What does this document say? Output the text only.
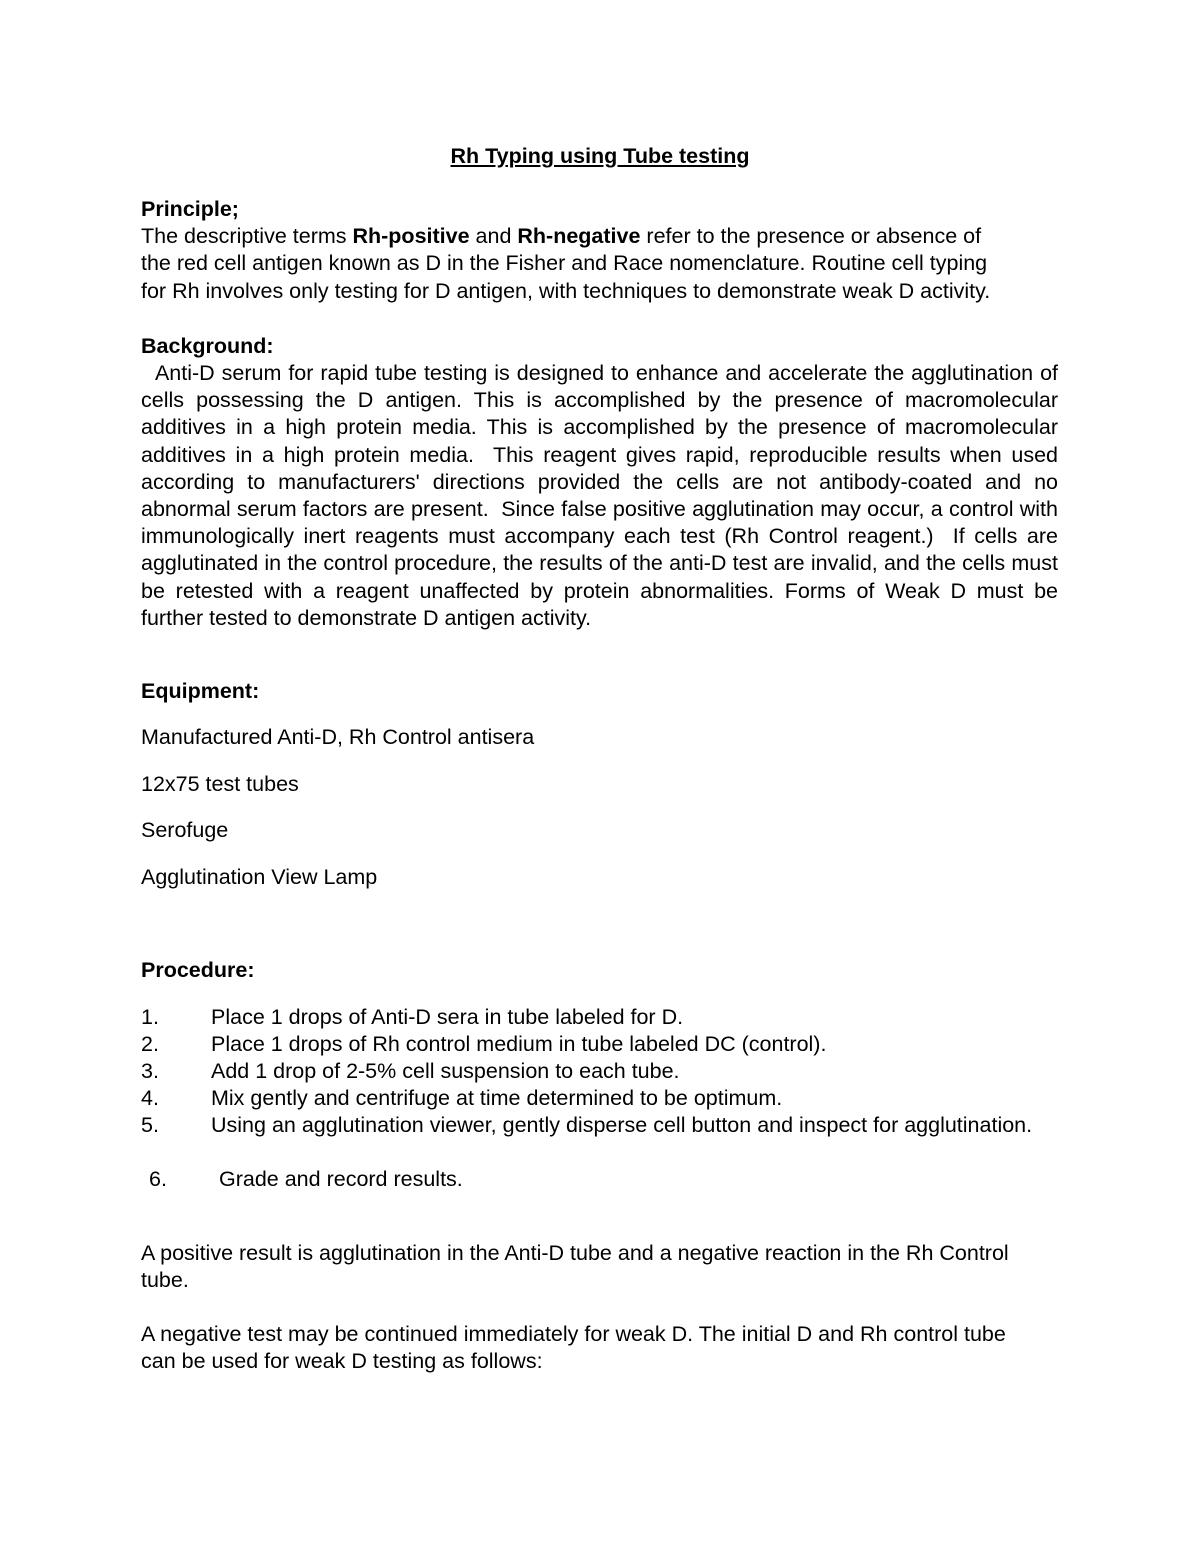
Rh Typing using Tube testing
Principle;
The descriptive terms Rh-positive and Rh-negative refer to the presence or absence of
the red cell antigen known as D in the Fisher and Race nomenclature. Routine cell typing
for Rh involves only testing for D antigen, with techniques to demonstrate weak D activity.
Background:
Anti-D serum for rapid tube testing is designed to enhance and accelerate the agglutination of cells possessing the D antigen. This is accomplished by the presence of macromolecular additives in a high protein media. This is accomplished by the presence of macromolecular additives in a high protein media.  This reagent gives rapid, reproducible results when used according to manufacturers' directions provided the cells are not antibody-coated and no abnormal serum factors are present.  Since false positive agglutination may occur, a control with immunologically inert reagents must accompany each test (Rh Control reagent.)  If cells are agglutinated in the control procedure, the results of the anti-D test are invalid, and the cells must be retested with a reagent unaffected by protein abnormalities. Forms of Weak D must be further tested to demonstrate D antigen activity.
Equipment:
Manufactured Anti-D, Rh Control antisera
12x75 test tubes
Serofuge
Agglutination View Lamp
Procedure:
1. Place 1 drops of Anti-D sera in tube labeled for D.
2. Place 1 drops of Rh control medium in tube labeled DC (control).
3. Add 1 drop of 2-5% cell suspension to each tube.
4. Mix gently and centrifuge at time determined to be optimum.
5. Using an agglutination viewer, gently disperse cell button and inspect for agglutination.
6. Grade and record results.
A positive result is agglutination in the Anti-D tube and a negative reaction in the Rh Control tube.
A negative test may be continued immediately for weak D. The initial D and Rh control tube can be used for weak D testing as follows:
